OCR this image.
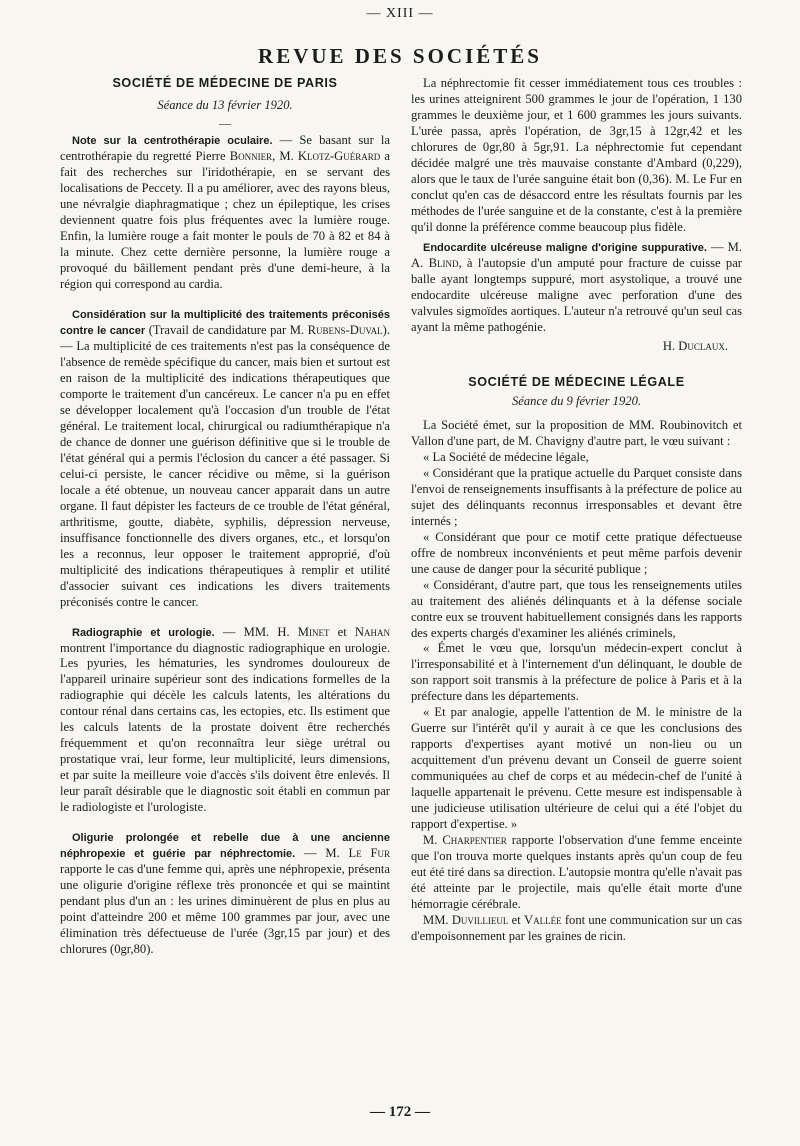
— XIII —
REVUE DES SOCIÉTÉS

SOCIÉTÉ DE MÉDECINE DE PARIS

Séance du 13 février 1920.

Note sur la centrothérapie oculaire. — Se basant sur la centrothérapie du regretté Pierre Bonnier, M. Klotz-Guérard a fait des recherches sur l'iridothérapie, en se servant des localisations de Peccety. Il a pu améliorer, avec des rayons bleus, une névralgie diaphragmatique ; chez un épileptique, les crises deviennent quatre fois plus fréquentes avec la lumière rouge. Enfin, la lumière rouge a fait monter le pouls de 70 à 82 et 84 à la minute. Chez cette dernière personne, la lumière rouge a provoqué du bâillement pendant près d'une demi-heure, à la région qui correspond au cardia.

Considération sur la multiplicité des traitements préconisés contre le cancer (Travail de candidature par M. Rubens-Duval). — La multiplicité de ces traitements n'est pas la conséquence de l'absence de remède spécifique du cancer, mais bien et surtout est en raison de la multiplicité des indications thérapeutiques que comporte le traitement d'un cancéreux. Le cancer n'a pu en effet se développer localement qu'à l'occasion d'un trouble de l'état général. Le traitement local, chirurgical ou radiumthérapique n'a de chance de donner une guérison définitive que si le trouble de l'état général qui a permis l'éclosion du cancer a été passager. Si celui-ci persiste, le cancer récidive ou même, si la guérison locale a été obtenue, un nouveau cancer apparait dans un autre organe. Il faut dépister les facteurs de ce trouble de l'état général, arthritisme, goutte, diabète, syphilis, dépression nerveuse, insuffisance fonctionnelle des divers organes, etc., et lorsqu'on les a reconnus, leur opposer le traitement approprié, d'où multiplicité des indications thérapeutiques à remplir et utilité d'associer suivant ces indications les divers traitements préconisés contre le cancer.

Radiographie et urologie. — MM. H. Minet et Nahan montrent l'importance du diagnostic radiographique en urologie. Les pyuries, les hématuries, les syndromes douloureux de l'appareil urinaire supérieur sont des indications formelles de la radiographie qui décèle les calculs latents, les altérations du contour rénal dans certains cas, les ectopies, etc. Ils estiment que les calculs latents de la prostate doivent être recherchés fréquemment et qu'on reconnaîtra leur siège urétral ou prostatique vrai, leur forme, leur multiplicité, leurs dimensions, et par suite la meilleure voie d'accès s'ils doivent être enlevés. Il leur paraît désirable que le diagnostic soit établi en commun par le radiologiste et l'urologiste.

Oligurie prolongée et rebelle due à une ancienne néphropexie et guérie par néphrectomie. — M. Le Fur rapporte le cas d'une femme qui, après une néphropexie, présenta une oligurie d'origine réflexe très prononcée et qui se maintint pendant plus d'un an : les urines diminuèrent de plus en plus au point d'atteindre 200 et même 100 grammes par jour, avec une élimination très défectueuse de l'urée (3gr,15 par jour) et des chlorures (0gr,80).

La néphrectomie fit cesser immédiatement tous ces troubles : les urines atteignirent 500 grammes le jour de l'opération, 1 130 grammes le deuxième jour, et 1 600 grammes les jours suivants. L'urée passa, après l'opération, de 3gr,15 à 12gr,42 et les chlorures de 0gr,80 à 5gr,91. La néphrectomie fut cependant décidée malgré une très mauvaise constante d'Ambard (0,229), alors que le taux de l'urée sanguine était bon (0,36). M. Le Fur en conclut qu'en cas de désaccord entre les résultats fournis par les méthodes de l'urée sanguine et de la constante, c'est à la première qu'il donne la préférence comme beaucoup plus fidèle.

Endocardite ulcéreuse maligne d'origine suppurative. — M. A. Blind, à l'autopsie d'un amputé pour fracture de cuisse par balle ayant longtemps suppuré, mort asystolique, a trouvé une endocardite ulcéreuse maligne avec perforation d'une des valvules sigmoïdes aortiques. L'auteur n'a retrouvé qu'un seul cas ayant la même pathogénie.

H. Duclaux.

SOCIÉTÉ DE MÉDECINE LÉGALE

Séance du 9 février 1920.

La Société émet, sur la proposition de MM. Roubinovitch et Vallon d'une part, de M. Chavigny d'autre part, le vœu suivant :

« La Société de médecine légale,

« Considérant que la pratique actuelle du Parquet consiste dans l'envoi de renseignements insuffisants à la préfecture de police au sujet des délinquants reconnus irresponsables et devant être internés ;

« Considérant que pour ce motif cette pratique défectueuse offre de nombreux inconvénients et peut même parfois devenir une cause de danger pour la sécurité publique ;

« Considérant, d'autre part, que tous les renseignements utiles au traitement des aliénés délinquants et à la défense sociale contre eux se trouvent habituellement consignés dans les rapports des experts chargés d'examiner les aliénés criminels,

« Émet le vœu que, lorsqu'un médecin-expert conclut à l'irresponsabilité et à l'internement d'un délinquant, le double de son rapport soit transmis à la préfecture de police à Paris et à la préfecture dans les départements.

« Et par analogie, appelle l'attention de M. le ministre de la Guerre sur l'intérêt qu'il y aurait à ce que les conclusions des rapports d'expertises ayant motivé un non-lieu ou un acquittement d'un prévenu devant un Conseil de guerre soient communiquées au chef de corps et au médecin-chef de l'unité à laquelle appartenait le prévenu. Cette mesure est indispensable à une judicieuse utilisation ultérieure de celui qui a été l'objet du rapport d'expertise. »

M. Charpentier rapporte l'observation d'une femme enceinte que l'on trouva morte quelques instants après qu'un coup de feu eut été tiré dans sa direction. L'autopsie montra qu'elle n'avait pas été atteinte par le projectile, mais qu'elle était morte d'une hémorragie cérébrale.

MM. Duvillieul et Vallée font une communication sur un cas d'empoisonnement par les graines de ricin.

— 172 —
